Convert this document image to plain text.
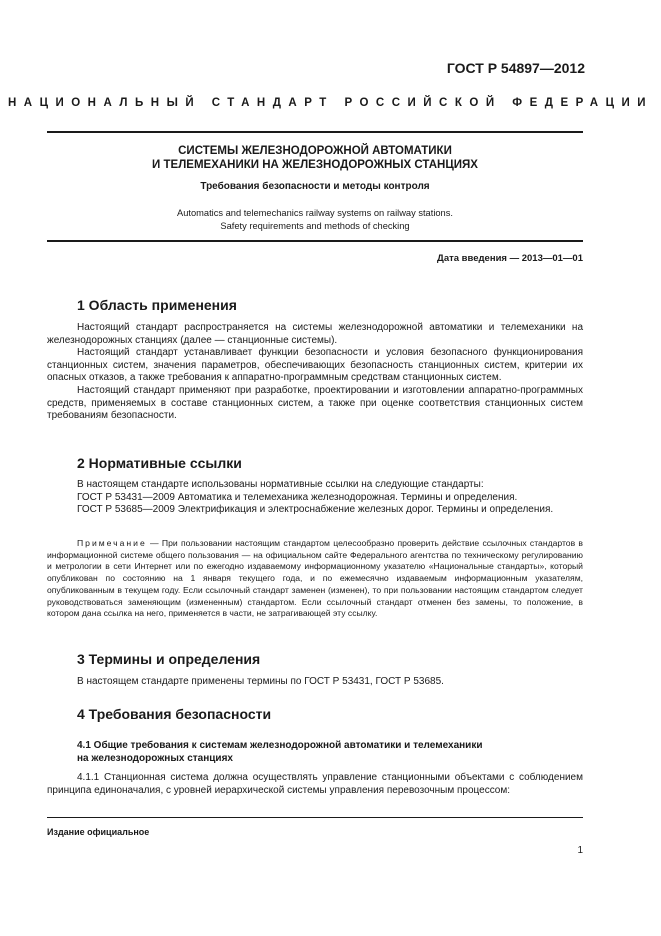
ГОСТ Р 54897—2012
НАЦИОНАЛЬНЫЙ СТАНДАРТ РОССИЙСКОЙ ФЕДЕРАЦИИ
СИСТЕМЫ ЖЕЛЕЗНОДОРОЖНОЙ АВТОМАТИКИ
И ТЕЛЕМЕХАНИКИ НА ЖЕЛЕЗНОДОРОЖНЫХ СТАНЦИЯХ
Требования безопасности и методы контроля
Automatics and telemechanics railway systems on railway stations.
Safety requirements and methods of checking
Дата введения — 2013—01—01
1 Область применения

Настоящий стандарт распространяется на системы железнодорожной автоматики и телемеханики на железнодорожных станциях (далее — станционные системы).

Настоящий стандарт устанавливает функции безопасности и условия безопасного функционирования станционных систем, значения параметров, обеспечивающих безопасность станционных систем, критерии их опасных отказов, а также требования к аппаратно-программным средствам станционных систем.

Настоящий стандарт применяют при разработке, проектировании и изготовлении аппаратно-программных средств, применяемых в составе станционных систем, а также при оценке соответствия станционных систем требованиям безопасности.

2 Нормативные ссылки

В настоящем стандарте использованы нормативные ссылки на следующие стандарты:

ГОСТ Р 53431—2009 Автоматика и телемеханика железнодорожная. Термины и определения.

ГОСТ Р 53685—2009 Электрификация и электроснабжение железных дорог. Термины и определения.

Примечание — При пользовании настоящим стандартом целесообразно проверить действие ссылочных стандартов в информационной системе общего пользования — на официальном сайте Федерального агентства по техническому регулированию и метрологии в сети Интернет или по ежегодно издаваемому информационному указателю «Национальные стандарты», который опубликован по состоянию на 1 января текущего года, и по ежемесячно издаваемым информационным указателям, опубликованным в текущем году. Если ссылочный стандарт заменен (изменен), то при пользовании настоящим стандартом следует руководствоваться заменяющим (измененным) стандартом. Если ссылочный стандарт отменен без замены, то положение, в котором дана ссылка на него, применяется в части, не затрагивающей эту ссылку.

3 Термины и определения

В настоящем стандарте применены термины по ГОСТ Р 53431, ГОСТ Р 53685.

4 Требования безопасности
4.1 Общие требования к системам железнодорожной автоматики и телемеханики
на железнодорожных станциях

4.1.1 Станционная система должна осуществлять управление станционными объектами с соблюдением принципа единоначалия, с уровней иерархической системы управления перевозочным процессом:

Издание официальное
1
